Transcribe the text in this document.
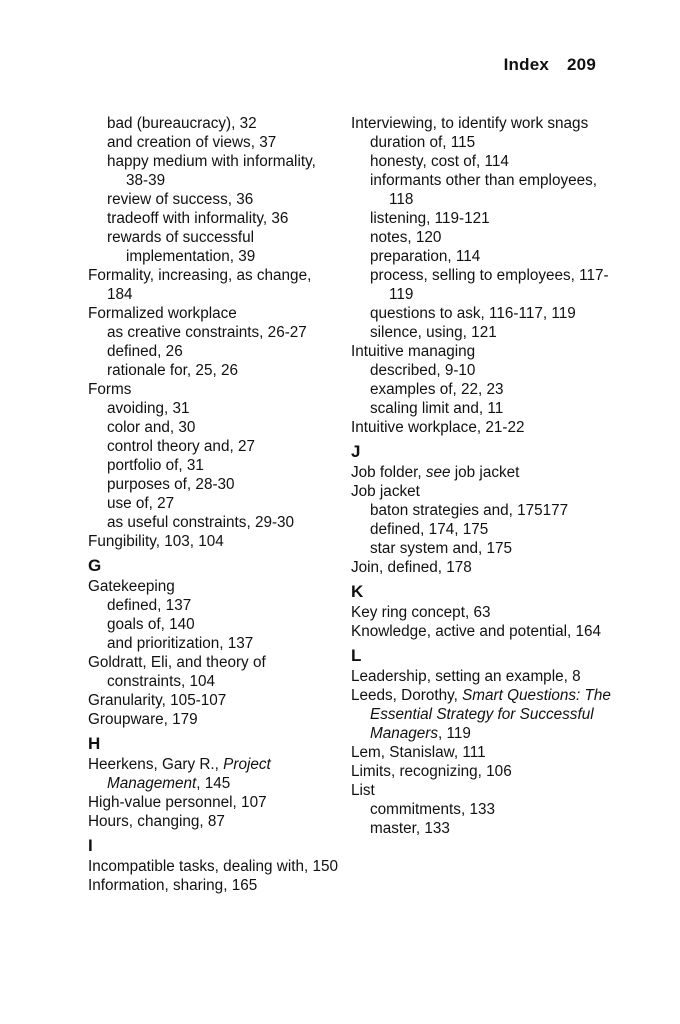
Index 209
bad (bureaucracy), 32
and creation of views, 37
happy medium with informality, 38-39
review of success, 36
tradeoff with informality, 36
rewards of successful implementation, 39
Formality, increasing, as change, 184
Formalized workplace
as creative constraints, 26-27
defined, 26
rationale for, 25, 26
Forms
avoiding, 31
color and, 30
control theory and, 27
portfolio of, 31
purposes of, 28-30
use of, 27
as useful constraints, 29-30
Fungibility, 103, 104
G
Gatekeeping
defined, 137
goals of, 140
and prioritization, 137
Goldratt, Eli, and theory of constraints, 104
Granularity, 105-107
Groupware, 179
H
Heerkens, Gary R., Project Management, 145
High-value personnel, 107
Hours, changing, 87
I
Incompatible tasks, dealing with, 150
Information, sharing, 165
Interviewing, to identify work snags
duration of, 115
honesty, cost of, 114
informants other than employees, 118
listening, 119-121
notes, 120
preparation, 114
process, selling to employees, 117-119
questions to ask, 116-117, 119
silence, using, 121
Intuitive managing
described, 9-10
examples of, 22, 23
scaling limit and, 11
Intuitive workplace, 21-22
J
Job folder, see job jacket
Job jacket
baton strategies and, 175177
defined, 174, 175
star system and, 175
Join, defined, 178
K
Key ring concept, 63
Knowledge, active and potential, 164
L
Leadership, setting an example, 8
Leeds, Dorothy, Smart Questions: The Essential Strategy for Successful Managers, 119
Lem, Stanislaw, 111
Limits, recognizing, 106
List
commitments, 133
master, 133
